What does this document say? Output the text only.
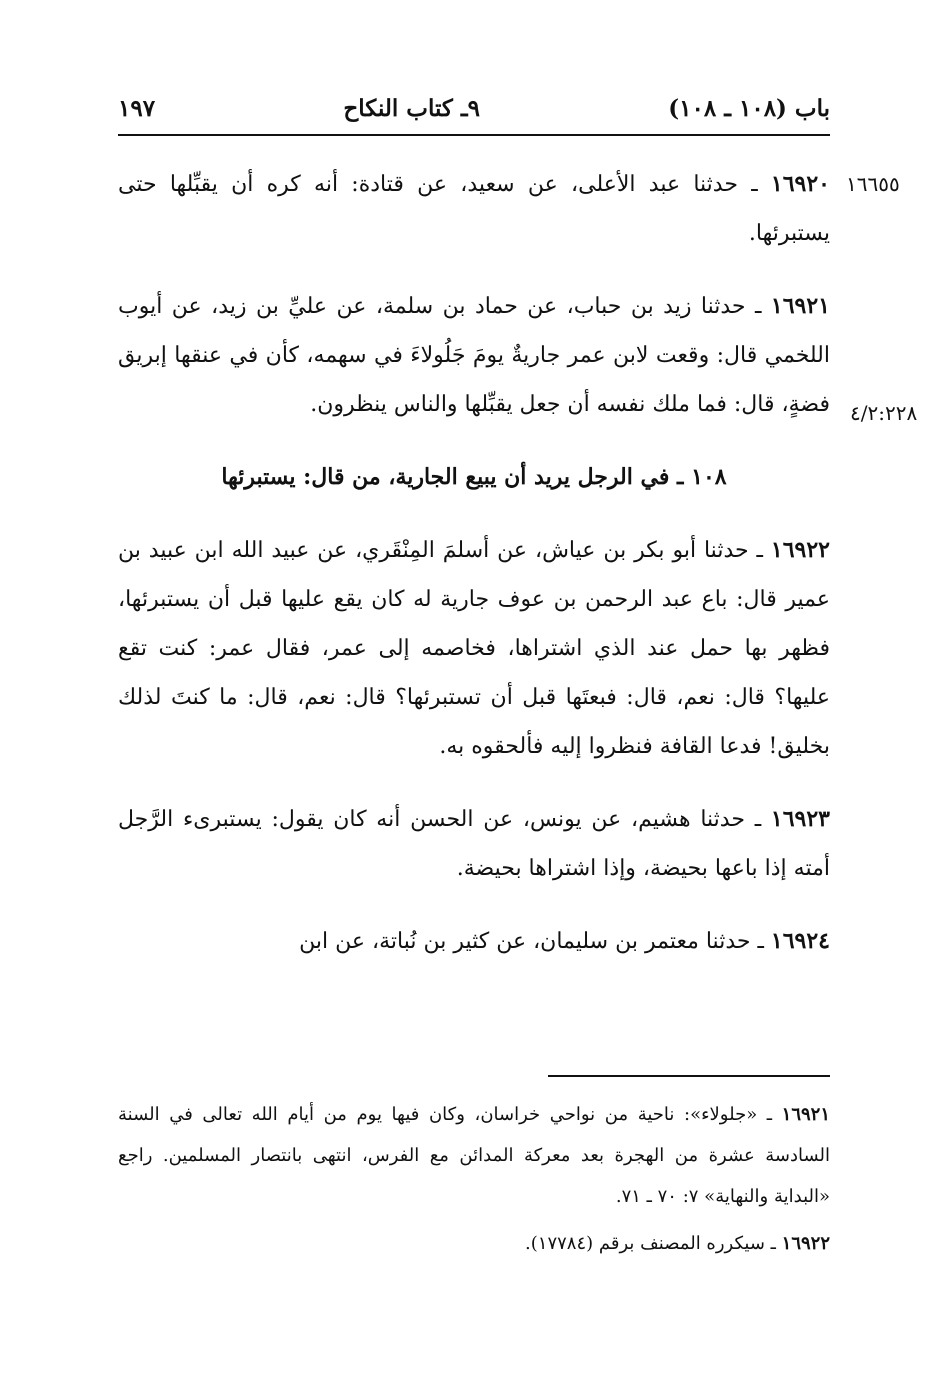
باب (١٠٨ ـ ١٠٨)
٩ـ كتاب النكاح
١٩٧
١٦٦٥٥
٤/٢:٢٢٨

١٦٩٢٠ ـ حدثنا عبد الأعلى، عن سعيد، عن قتادة: أنه كره أن يقبِّلها حتى يستبرئها.

١٦٩٢١ ـ حدثنا زيد بن حباب، عن حماد بن سلمة، عن عليِّ بن زيد، عن أيوب اللخمي قال: وقعت لابن عمر جاريةٌ يومَ جَلُولاءَ في سهمه، كأن في عنقها إبريق فضةٍ، قال: فما ملك نفسه أن جعل يقبِّلها والناس ينظرون.

١٠٨ ـ في الرجل يريد أن يبيع الجارية، من قال: يستبرئها

١٦٩٢٢ ـ حدثنا أبو بكر بن عياش، عن أسلمَ المِنْقَري، عن عبيد الله ابن عبيد بن عمير قال: باع عبد الرحمن بن عوف جارية له كان يقع عليها قبل أن يستبرئها، فظهر بها حمل عند الذي اشتراها، فخاصمه إلى عمر، فقال عمر: كنت تقع عليها؟ قال: نعم، قال: فبعتَها قبل أن تستبرئها؟ قال: نعم، قال: ما كنتَ لذلك بخليق! فدعا القافة فنظروا إليه فألحقوه به.

١٦٩٢٣ ـ حدثنا هشيم، عن يونس، عن الحسن أنه كان يقول: يستبرىء الرَّجل أمته إذا باعها بحيضة، وإذا اشتراها بحيضة.

١٦٩٢٤ ـ حدثنا معتمر بن سليمان، عن كثير بن نُباتة، عن ابن

١٦٩٢١ ـ «جلولاء»: ناحية من نواحي خراسان، وكان فيها يوم من أيام الله تعالى في السنة السادسة عشرة من الهجرة بعد معركة المدائن مع الفرس، انتهى بانتصار المسلمين. راجع «البداية والنهاية» ٧: ٧٠ ـ ٧١.

١٦٩٢٢ ـ سيكرره المصنف برقم (١٧٧٨٤).
